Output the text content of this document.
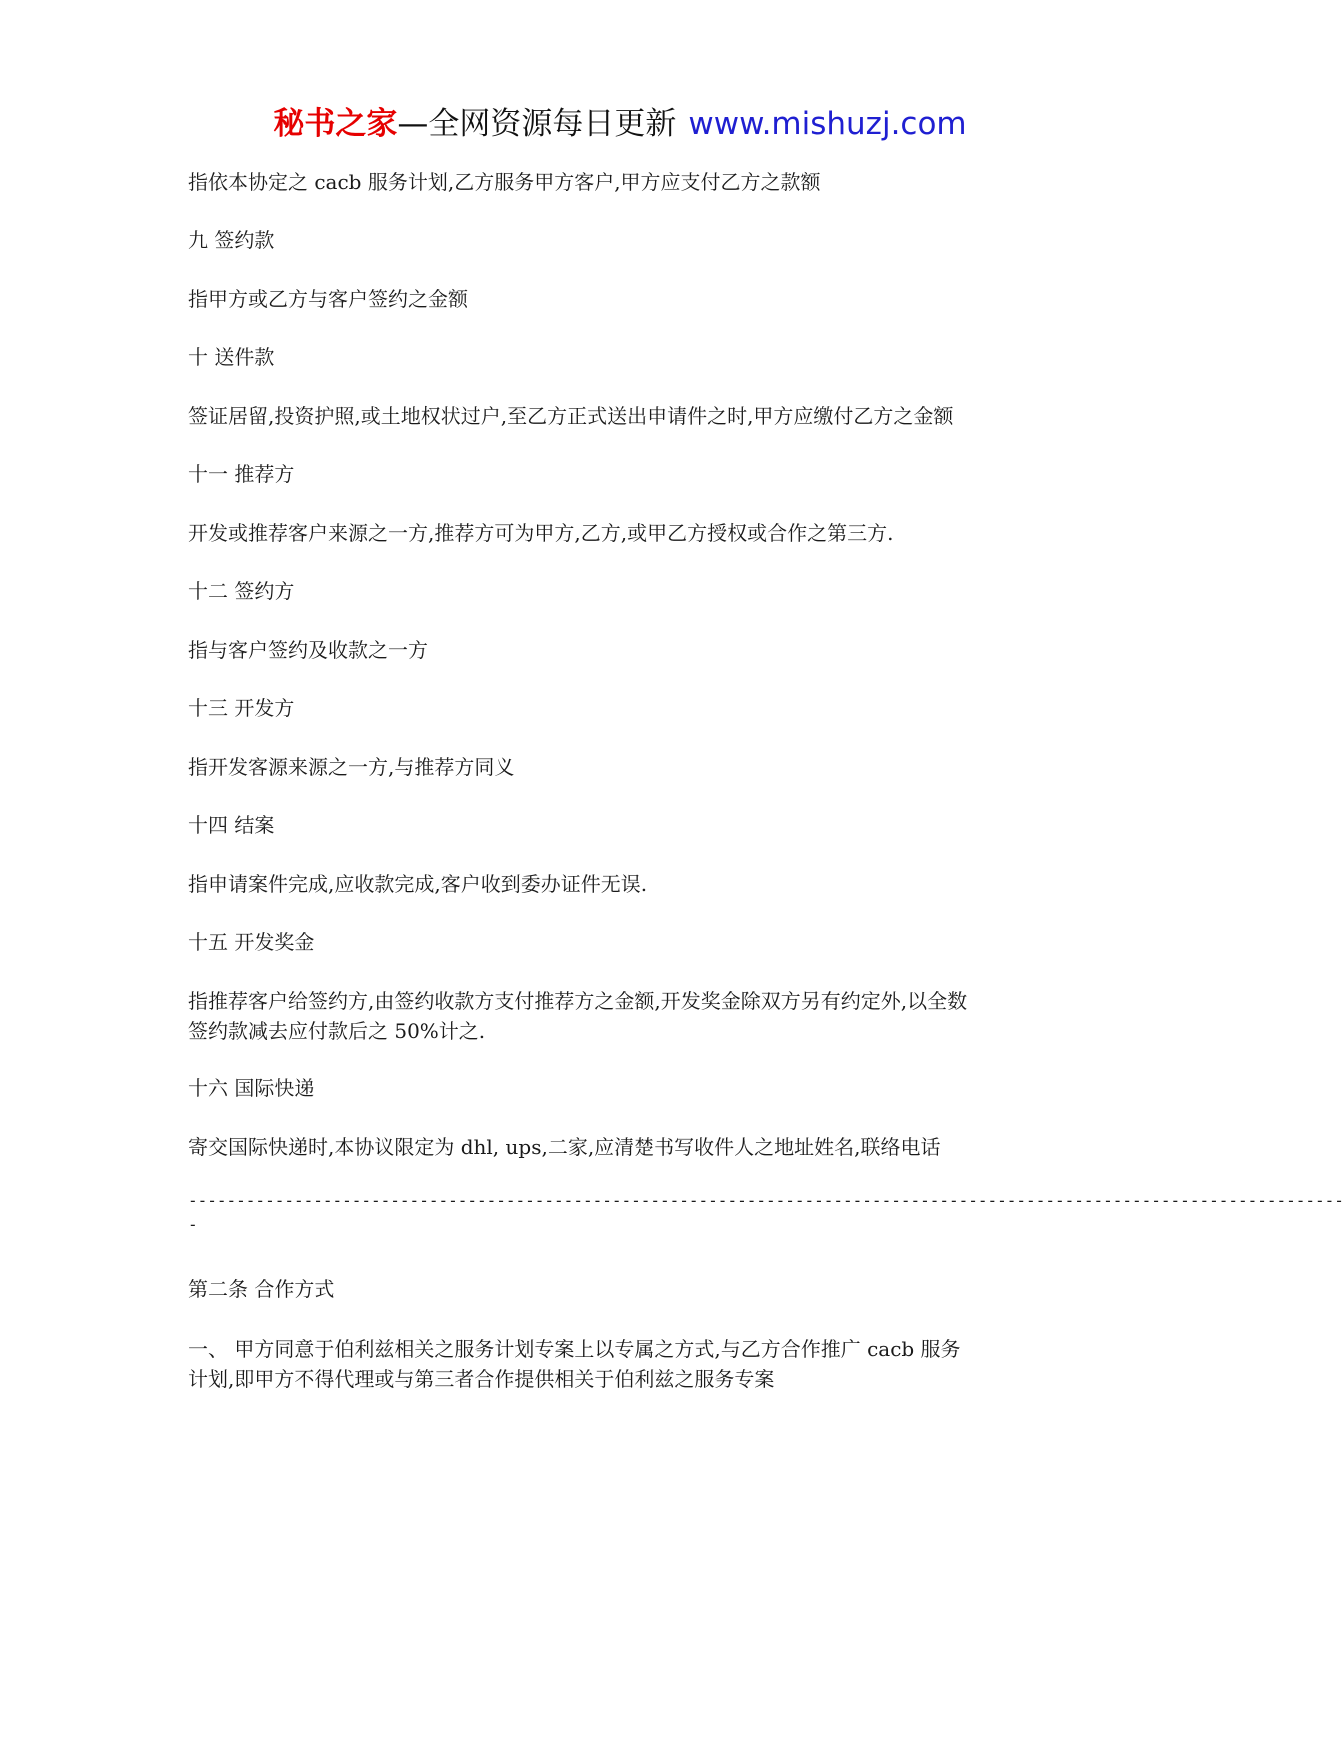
秘书之家—全网资源每日更新 www.mishuzj.com
指依本协定之 cacb 服务计划,乙方服务甲方客户,甲方应支付乙方之款额
九 签约款
指甲方或乙方与客户签约之金额
十 送件款
签证居留,投资护照,或土地权状过户,至乙方正式送出申请件之时,甲方应缴付乙方之金额
十一 推荐方
开发或推荐客户来源之一方,推荐方可为甲方,乙方,或甲乙方授权或合作之第三方.
十二 签约方
指与客户签约及收款之一方
十三 开发方
指开发客源来源之一方,与推荐方同义
十四 结案
指申请案件完成,应收款完成,客户收到委办证件无误.
十五 开发奖金
指推荐客户给签约方,由签约收款方支付推荐方之金额,开发奖金除双方另有约定外,以全数
签约款减去应付款后之 50%计之.
十六 国际快递
寄交国际快递时,本协议限定为 dhl, ups,二家,应清楚书写收件人之地址姓名,联络电话
------------------------------------------------------------------------------------------------------------------------
-
第二条 合作方式
一、 甲方同意于伯利兹相关之服务计划专案上以专属之方式,与乙方合作推广 cacb 服务
计划,即甲方不得代理或与第三者合作提供相关于伯利兹之服务专案
